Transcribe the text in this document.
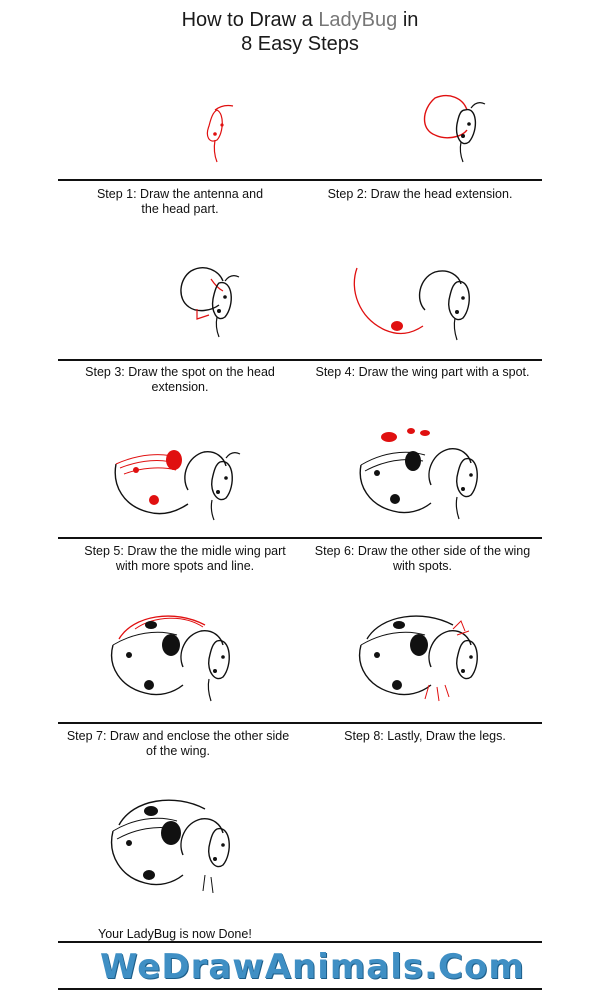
How to Draw a LadyBug in
8 Easy Steps
Step 1: Draw the antenna and
the head part.
Step 2: Draw the head extension.
Step 3: Draw the spot on the head
extension.
Step 4: Draw the wing part with a spot.
Step 5: Draw the the midle wing part
with more spots and line.
Step 6: Draw the other side of the wing
with spots.
Step 7: Draw and enclose the other side
of the wing.
Step 8: Lastly, Draw the legs.
Your LadyBug is now Done!
WeDrawAnimals.Com
